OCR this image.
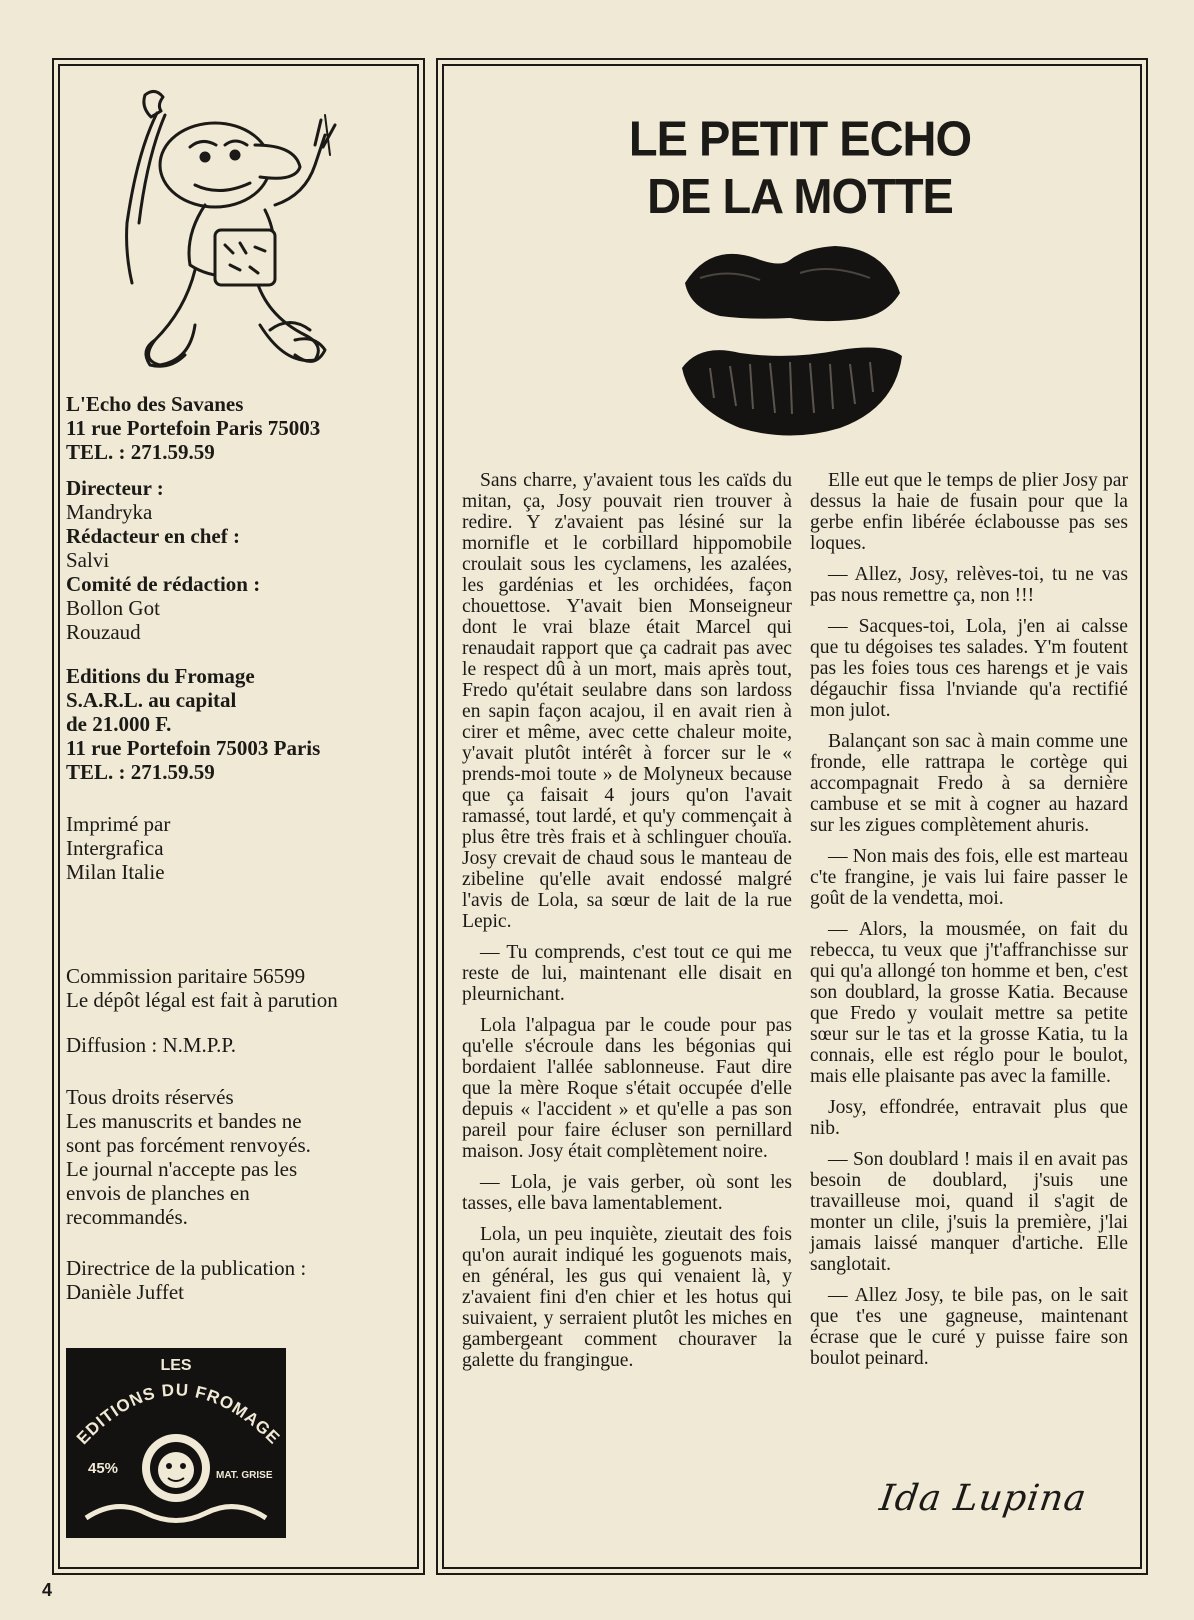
L'Echo des Savanes
11 rue Portefoin Paris 75003
TEL. : 271.59.59
Directeur :
Mandryka
Rédacteur en chef :
Salvi
Comité de rédaction :
Bollon Got
Rouzaud
Editions du Fromage
S.A.R.L. au capital
de 21.000 F.
11 rue Portefoin 75003 Paris
TEL. : 271.59.59
Imprimé par
Intergrafica
Milan Italie
Commission paritaire 56599
Le dépôt légal est fait à parution
Diffusion : N.M.P.P.
Tous droits réservés
Les manuscrits et bandes ne
sont pas forcément renvoyés.
Le journal n'accepte pas les
envois de planches en
recommandés.
Directrice de la publication :
Danièle Juffet
LES
EDITIONS DU FROMAGE
45%	MAT. GRISE
LE PETIT ECHO
DE LA MOTTE

Sans charre, y'avaient tous les caïds du mitan, ça, Josy pouvait rien trouver à redire. Y z'avaient pas lésiné sur la mornifle et le corbillard hippomobile croulait sous les cyclamens, les azalées, les gardénias et les orchidées, façon chouettose. Y'avait bien Monseigneur dont le vrai blaze était Marcel qui renaudait rapport que ça cadrait pas avec le respect dû à un mort, mais après tout, Fredo qu'était seulabre dans son lardoss en sapin façon acajou, il en avait rien à cirer et même, avec cette chaleur moite, y'avait plutôt intérêt à forcer sur le « prends-moi toute » de Molyneux because que ça faisait 4 jours qu'on l'avait ramassé, tout lardé, et qu'y commençait à plus être très frais et à schlinguer chouïa. Josy crevait de chaud sous le manteau de zibeline qu'elle avait endossé malgré l'avis de Lola, sa sœur de lait de la rue Lepic.

— Tu comprends, c'est tout ce qui me reste de lui, maintenant elle disait en pleurnichant.

Lola l'alpagua par le coude pour pas qu'elle s'écroule dans les bégonias qui bordaient l'allée sablonneuse. Faut dire que la mère Roque s'était occupée d'elle depuis « l'accident » et qu'elle a pas son pareil pour faire écluser son pernillard maison. Josy était complètement noire.

— Lola, je vais gerber, où sont les tasses, elle bava lamentablement.

Lola, un peu inquiète, zieutait des fois qu'on aurait indiqué les goguenots mais, en général, les gus qui venaient là, y z'avaient fini d'en chier et les hotus qui suivaient, y serraient plutôt les miches en gambergeant comment chouraver la galette du frangingue.

Elle eut que le temps de plier Josy par dessus la haie de fusain pour que la gerbe enfin libérée éclabousse pas ses loques.

— Allez, Josy, relèves-toi, tu ne vas pas nous remettre ça, non !!!

— Sacques-toi, Lola, j'en ai calsse que tu dégoises tes salades. Y'm foutent pas les foies tous ces harengs et je vais dégauchir fissa l'nviande qu'a rectifié mon julot.

Balançant son sac à main comme une fronde, elle rattrapa le cortège qui accompagnait Fredo à sa dernière cambuse et se mit à cogner au hazard sur les zigues complètement ahuris.

— Non mais des fois, elle est marteau c'te frangine, je vais lui faire passer le goût de la vendetta, moi.

— Alors, la mousmée, on fait du rebecca, tu veux que j't'affranchisse sur qui qu'a allongé ton homme et ben, c'est son doublard, la grosse Katia. Because que Fredo y voulait mettre sa petite sœur sur le tas et la grosse Katia, tu la connais, elle est réglo pour le boulot, mais elle plaisante pas avec la famille.

Josy, effondrée, entravait plus que nib.

— Son doublard ! mais il en avait pas besoin de doublard, j'suis une travailleuse moi, quand il s'agit de monter un clile, j'suis la première, j'lai jamais laissé manquer d'artiche. Elle sanglotait.

— Allez Josy, te bile pas, on le sait que t'es une gagneuse, maintenant écrase que le curé y puisse faire son boulot peinard.

Ida Lupina
4
